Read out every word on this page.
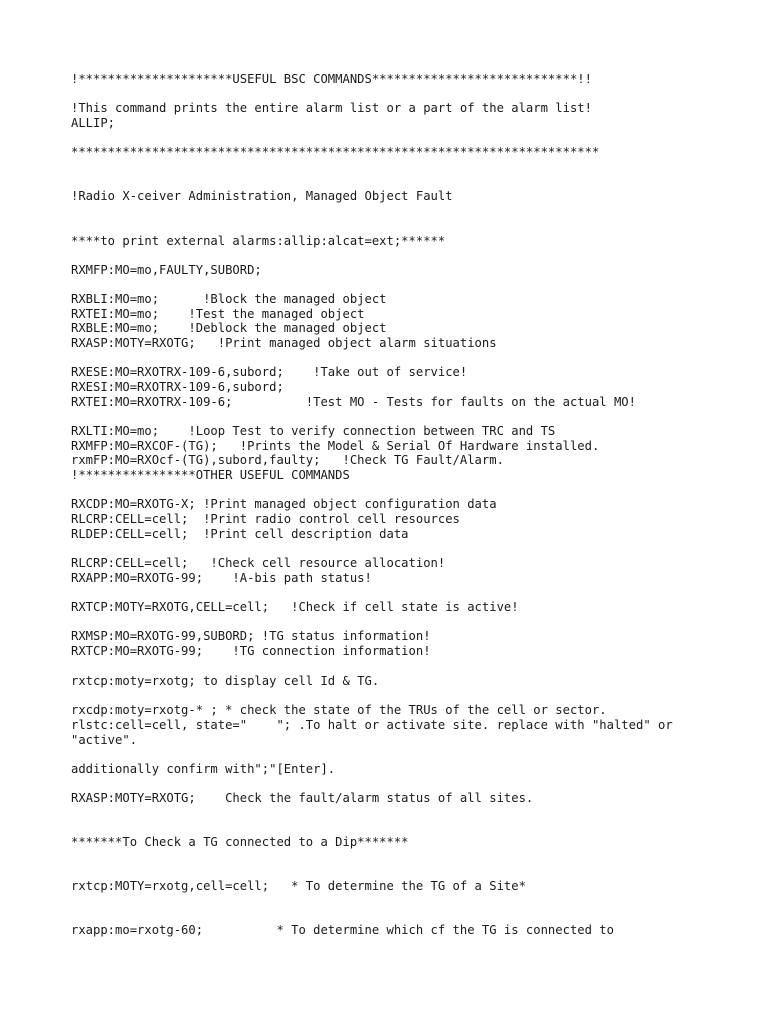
!*********************USEFUL BSC COMMANDS****************************!!

!This command prints the entire alarm list or a part of the alarm list!

ALLIP;

************************************************************************

!Radio X-ceiver Administration, Managed Object Fault

****to print external alarms:allip:alcat=ext;******

RXMFP:MO=mo,FAULTY,SUBORD;

RXBLI:MO=mo;      !Block the managed object

RXTEI:MO=mo;    !Test the managed object

RXBLE:MO=mo;    !Deblock the managed object

RXASP:MOTY=RXOTG;   !Print managed object alarm situations

RXESE:MO=RXOTRX-109-6,subord;    !Take out of service!

RXESI:MO=RXOTRX-109-6,subord;

RXTEI:MO=RXOTRX-109-6;          !Test MO - Tests for faults on the actual MO!

RXLTI:MO=mo;    !Loop Test to verify connection between TRC and TS

RXMFP:MO=RXCOF-(TG);   !Prints the Model & Serial Of Hardware installed.

rxmFP:MO=RXOcf-(TG),subord,faulty;   !Check TG Fault/Alarm.

!****************OTHER USEFUL COMMANDS

RXCDP:MO=RXOTG-X; !Print managed object configuration data

RLCRP:CELL=cell;  !Print radio control cell resources

RLDEP:CELL=cell;  !Print cell description data

RLCRP:CELL=cell;   !Check cell resource allocation!

RXAPP:MO=RXOTG-99;    !A-bis path status!

RXTCP:MOTY=RXOTG,CELL=cell;   !Check if cell state is active!

RXMSP:MO=RXOTG-99,SUBORD; !TG status information!

RXTCP:MO=RXOTG-99;    !TG connection information!

rxtcp:moty=rxotg; to display cell Id & TG.

rxcdp:moty=rxotg-* ; * check the state of the TRUs of the cell or sector.

rlstc:cell=cell, state="    "; .To halt or activate site. replace with "halted" or

"active".

additionally confirm with";"[Enter].

RXASP:MOTY=RXOTG;    Check the fault/alarm status of all sites.

*******To Check a TG connected to a Dip*******

rxtcp:MOTY=rxotg,cell=cell;   * To determine the TG of a Site*

rxapp:mo=rxotg-60;          * To determine which cf the TG is connected to
